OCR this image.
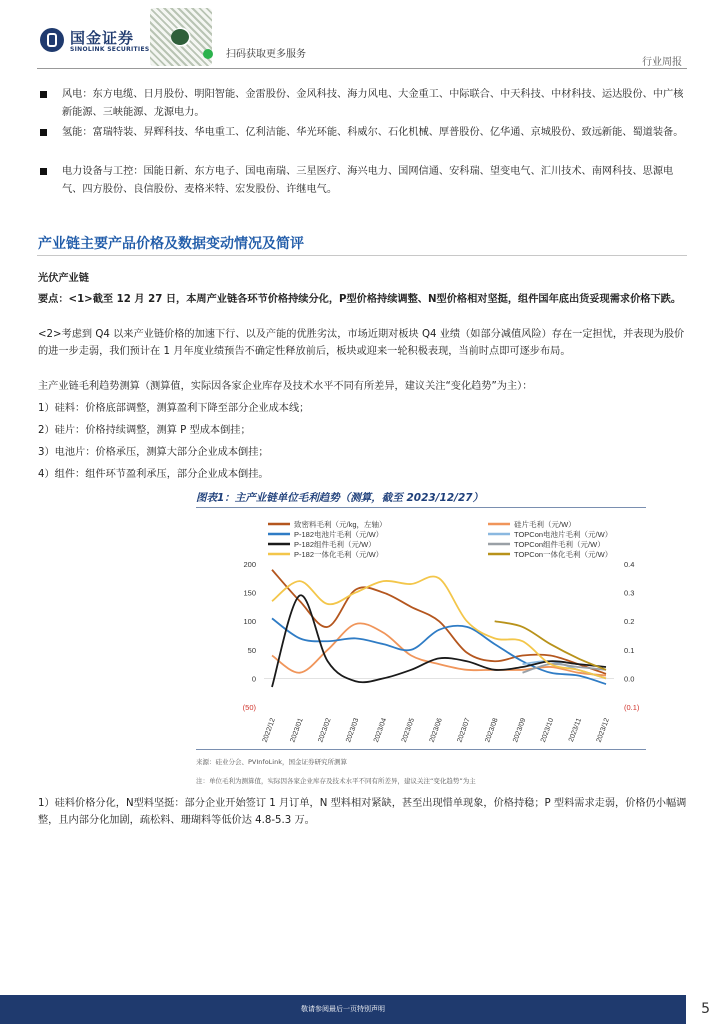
国金证券
SINOLINK SECURITIES	扫码获取更多服务
行业周报
风电：东方电缆、日月股份、明阳智能、金雷股份、金风科技、海力风电、大金重工、中际联合、中天科技、中材科技、运达股份、中广核新能源、三峡能源、龙源电力。
氢能：富瑞特装、昇辉科技、华电重工、亿利洁能、华光环能、科威尔、石化机械、厚普股份、亿华通、京城股份、致远新能、蜀道装备。
电力设备与工控：国能日新、东方电子、国电南瑞、三星医疗、海兴电力、国网信通、安科瑞、望变电气、汇川技术、南网科技、思源电气、四方股份、良信股份、麦格米特、宏发股份、许继电气。
产业链主要产品价格及数据变动情况及简评
光伏产业链
要点：<1>截至 12 月 27 日，本周产业链各环节价格持续分化，P型价格持续调整、N型价格相对坚挺，组件国年底出货妥现需求价格下跌。
<2>考虑到 Q4 以来产业链价格的加速下行、以及产能的优胜劣汰，市场近期对板块 Q4 业绩（如部分减值风险）存在一定担忧，并表现为股价的进一步走弱，我们预计在 1 月年度业绩预告不确定性释放前后，板块或迎来一轮积极表现，当前时点即可逐步布局。
主产业链毛利趋势测算（测算值，实际因各家企业库存及技术水平不同有所差异，建议关注“变化趋势”为主）：
1）硅料：价格底部调整，测算盈利下降至部分企业成本线；
2）硅片：价格持续调整，测算 P 型成本倒挂；
3）电池片：价格承压，测算大部分企业成本倒挂；
4）组件：组件环节盈利承压，部分企业成本倒挂。
图表1：主产业链单位毛利趋势（测算，截至 2023/12/27）
致密料毛利（元/kg，左轴）	硅片毛利（元/W）
P-182电池片毛利（元/W）	TOPCon电池片毛利（元/W）
P-182组件毛利（元/W）	TOPCon组件毛利（元/W）
P-182一体化毛利（元/W）	TOPCon一体化毛利（元/W）
(50)
0
50
100
150
200
(0.1)
0.0
0.1
0.2
0.3
0.4
2022/12 2023/01 2023/02 2023/03 2023/04 2023/05 2023/06 2023/07 2023/08 2023/09 2023/10 2023/11 2023/12
来源：硅业分会、PVInfoLink，国金证券研究所测算
注：单位毛利为测算值，实际因各家企业库存及技术水平不同有所差异，建议关注“变化趋势”为主
1）硅料价格分化，N型料坚挺：部分企业开始签订 1 月订单，N 型料相对紧缺，甚至出现惜单现象，价格持稳；P 型料需求走弱，价格仍小幅调整，且内部分化加剧，疏松料、珊瑚料等低价达 4.8-5.3 万。
敬请参阅最后一页特别声明	5
